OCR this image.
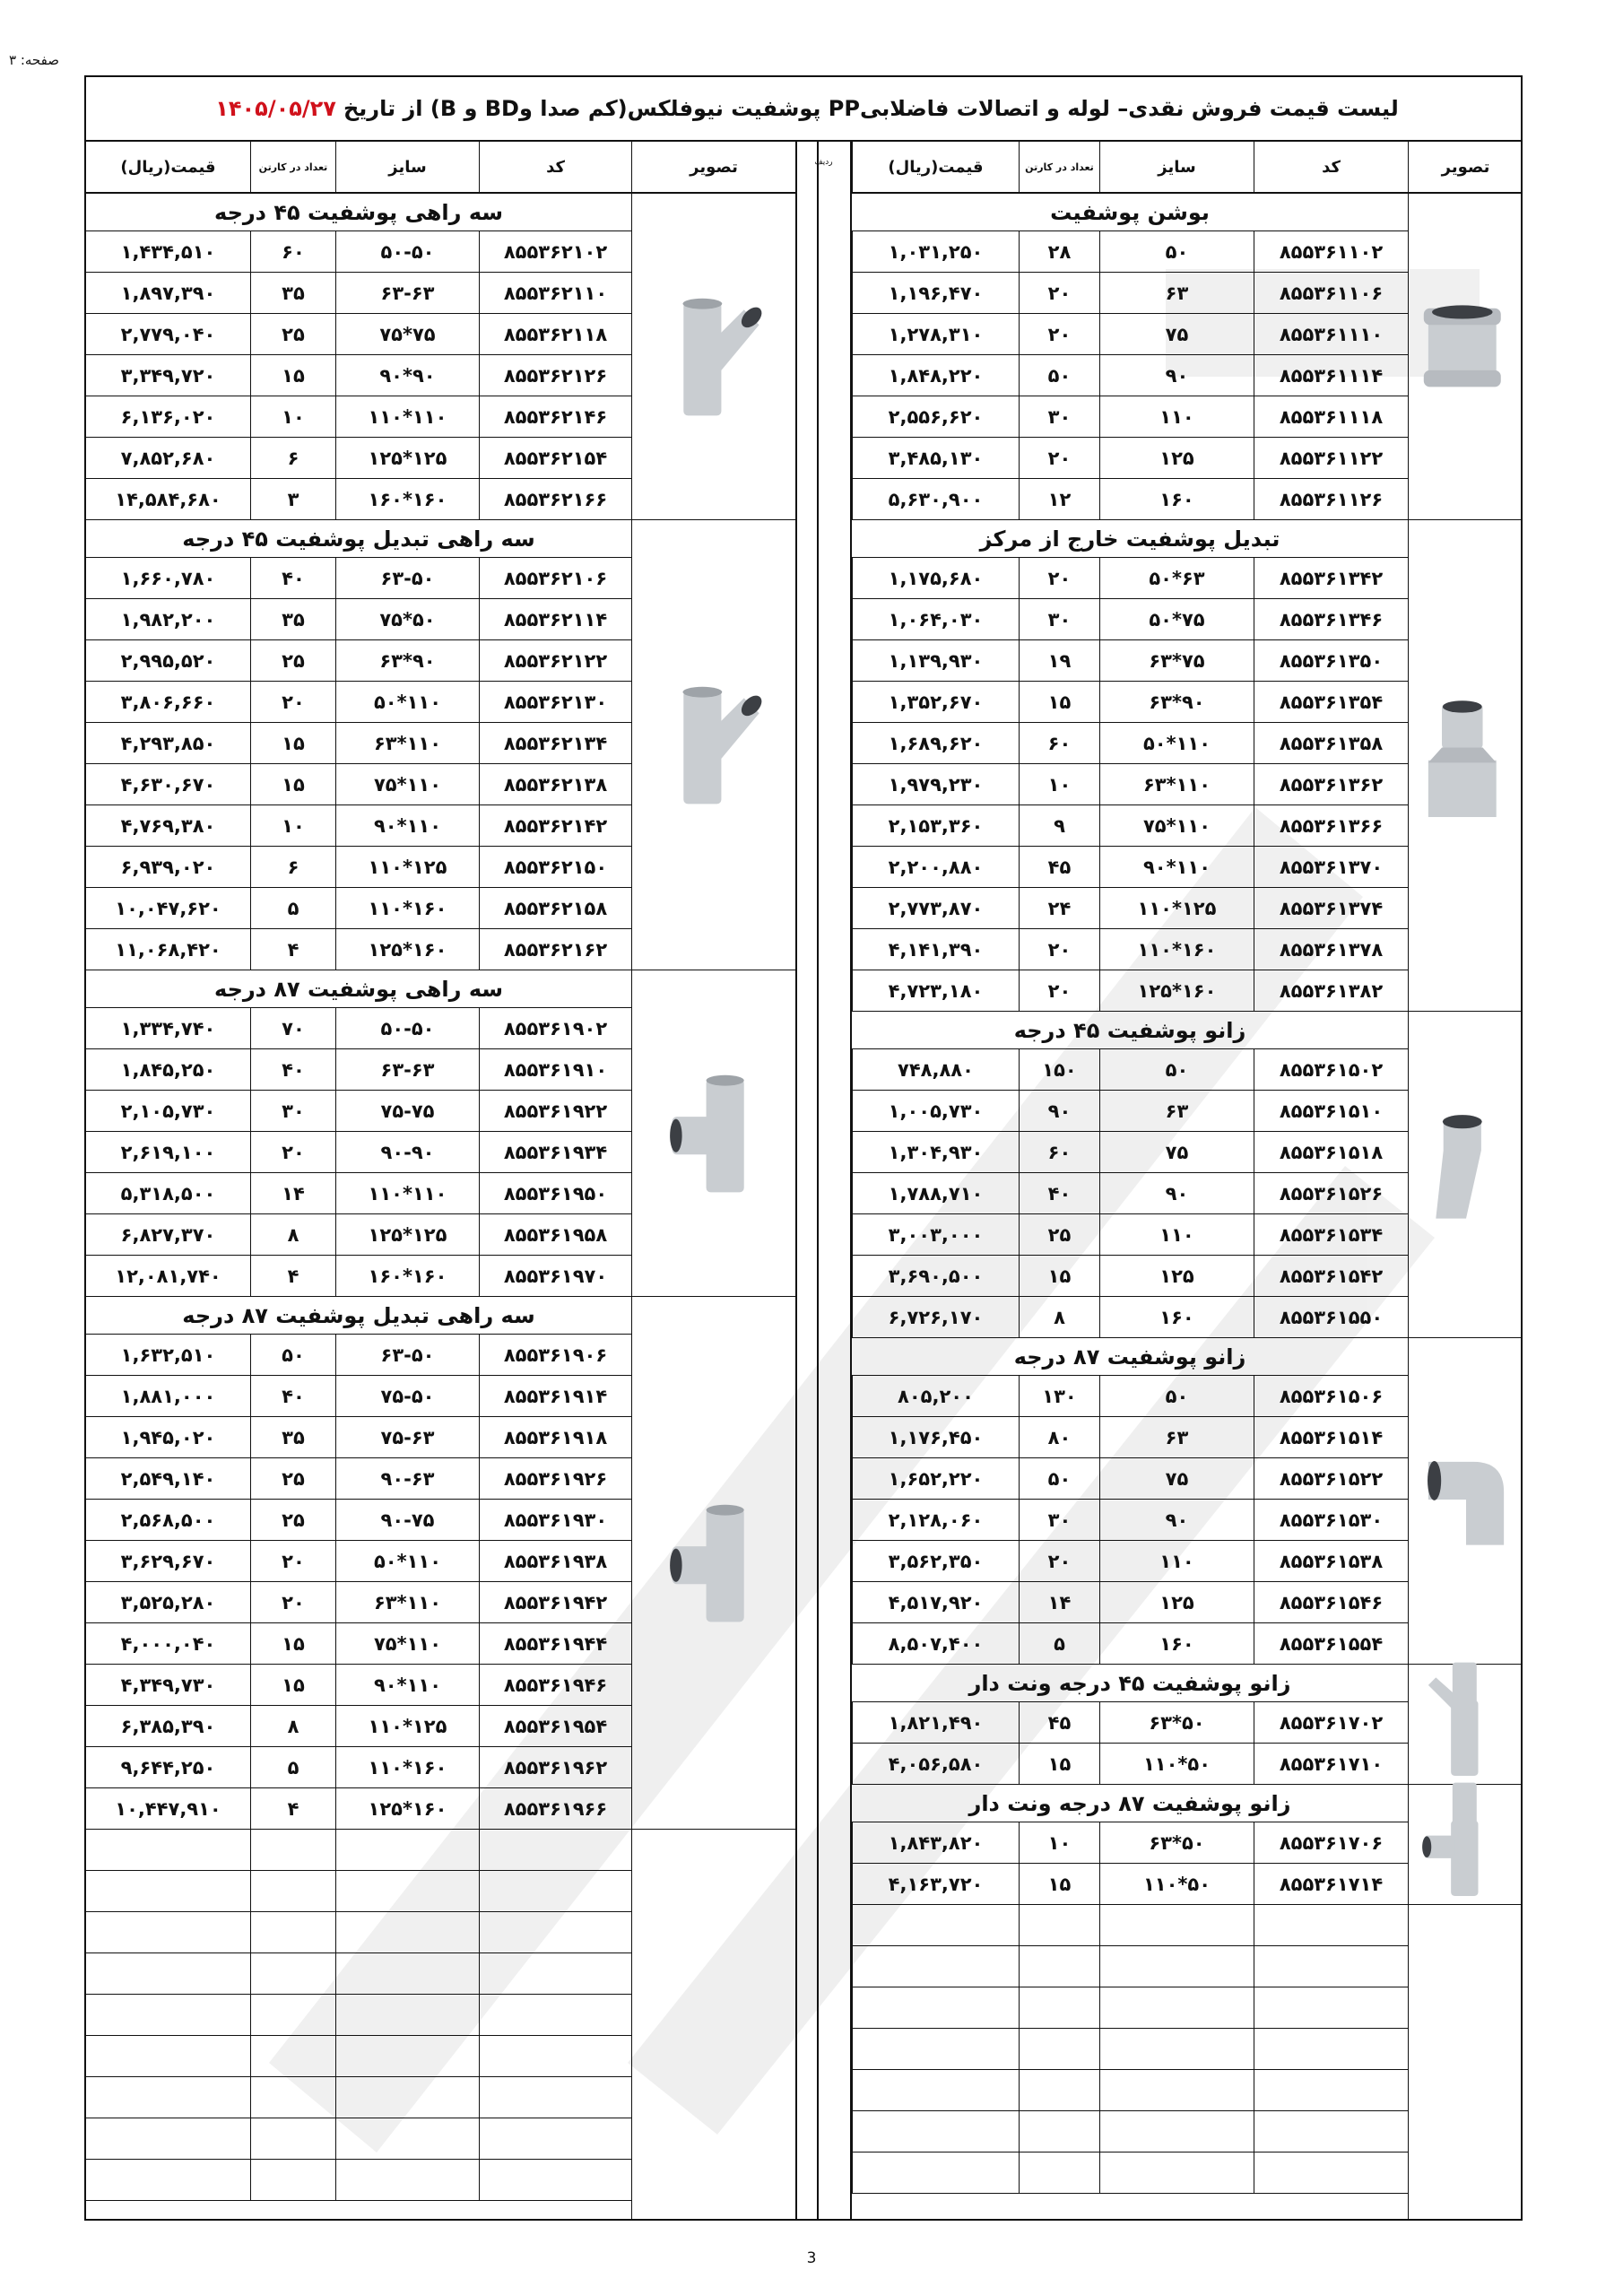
صفحه: ۳
لیست قیمت فروش نقدی– لوله و اتصالات فاضلابیPP پوشفیت نیوفلکس(کم صدا وBD و B) از تاریخ
۱۴۰۵/۰۵/۲۷
ردیف	تصویر
کد
سایز
تعداد در کارتن
قیمت(ریال)
بوشن پوشفیت
۸۵۵۳۶۱۱۰۲
۵۰
۲۸
۱,۰۳۱,۲۵۰
۸۵۵۳۶۱۱۰۶
۶۳
۲۰
۱,۱۹۶,۴۷۰
۸۵۵۳۶۱۱۱۰
۷۵
۲۰
۱,۲۷۸,۳۱۰
۸۵۵۳۶۱۱۱۴
۹۰
۵۰
۱,۸۴۸,۲۲۰
۸۵۵۳۶۱۱۱۸
۱۱۰
۳۰
۲,۵۵۶,۶۲۰
۸۵۵۳۶۱۱۲۲
۱۲۵
۲۰
۳,۴۸۵,۱۳۰
۸۵۵۳۶۱۱۲۶
۱۶۰
۱۲
۵,۶۳۰,۹۰۰
تبدیل پوشفیت خارج از مرکز
۸۵۵۳۶۱۳۴۲
۵۰*۶۳
۲۰
۱,۱۷۵,۶۸۰
۸۵۵۳۶۱۳۴۶
۵۰*۷۵
۳۰
۱,۰۶۴,۰۳۰
۸۵۵۳۶۱۳۵۰
۶۳*۷۵
۱۹
۱,۱۳۹,۹۳۰
۸۵۵۳۶۱۳۵۴
۶۳*۹۰
۱۵
۱,۳۵۲,۶۷۰
۸۵۵۳۶۱۳۵۸
۵۰*۱۱۰
۶۰
۱,۶۸۹,۶۲۰
۸۵۵۳۶۱۳۶۲
۶۳*۱۱۰
۱۰
۱,۹۷۹,۲۳۰
۸۵۵۳۶۱۳۶۶
۷۵*۱۱۰
۹
۲,۱۵۳,۳۶۰
۸۵۵۳۶۱۳۷۰
۹۰*۱۱۰
۴۵
۲,۲۰۰,۸۸۰
۸۵۵۳۶۱۳۷۴
۱۱۰*۱۲۵
۲۴
۲,۷۷۳,۸۷۰
۸۵۵۳۶۱۳۷۸
۱۱۰*۱۶۰
۲۰
۴,۱۴۱,۳۹۰
۸۵۵۳۶۱۳۸۲
۱۲۵*۱۶۰
۲۰
۴,۷۲۳,۱۸۰
زانو پوشفیت ۴۵ درجه
۸۵۵۳۶۱۵۰۲
۵۰
۱۵۰
۷۴۸,۸۸۰
۸۵۵۳۶۱۵۱۰
۶۳
۹۰
۱,۰۰۵,۷۳۰
۸۵۵۳۶۱۵۱۸
۷۵
۶۰
۱,۳۰۴,۹۳۰
۸۵۵۳۶۱۵۲۶
۹۰
۴۰
۱,۷۸۸,۷۱۰
۸۵۵۳۶۱۵۳۴
۱۱۰
۲۵
۳,۰۰۳,۰۰۰
۸۵۵۳۶۱۵۴۲
۱۲۵
۱۵
۳,۶۹۰,۵۰۰
۸۵۵۳۶۱۵۵۰
۱۶۰
۸
۶,۷۲۶,۱۷۰
زانو پوشفیت ۸۷ درجه
۸۵۵۳۶۱۵۰۶
۵۰
۱۳۰
۸۰۵,۲۰۰
۸۵۵۳۶۱۵۱۴
۶۳
۸۰
۱,۱۷۶,۴۵۰
۸۵۵۳۶۱۵۲۲
۷۵
۵۰
۱,۶۵۲,۲۲۰
۸۵۵۳۶۱۵۳۰
۹۰
۳۰
۲,۱۲۸,۰۶۰
۸۵۵۳۶۱۵۳۸
۱۱۰
۲۰
۳,۵۶۲,۳۵۰
۸۵۵۳۶۱۵۴۶
۱۲۵
۱۴
۴,۵۱۷,۹۲۰
۸۵۵۳۶۱۵۵۴
۱۶۰
۵
۸,۵۰۷,۴۰۰
زانو پوشفیت ۴۵ درجه ونت دار
۸۵۵۳۶۱۷۰۲
۶۳*۵۰
۴۵
۱,۸۲۱,۴۹۰
۸۵۵۳۶۱۷۱۰
۱۱۰*۵۰
۱۵
۴,۰۵۶,۵۸۰
زانو پوشفیت ۸۷ درجه ونت دار
۸۵۵۳۶۱۷۰۶
۶۳*۵۰
۱۰
۱,۸۴۳,۸۲۰
۸۵۵۳۶۱۷۱۴
۱۱۰*۵۰
۱۵
۴,۱۶۳,۷۲۰
تصویر
کد
سایز
تعداد در کارتن
قیمت(ریال)
سه راهی پوشفیت ۴۵ درجه
۸۵۵۳۶۲۱۰۲
۵۰-۵۰
۶۰
۱,۴۳۴,۵۱۰
۸۵۵۳۶۲۱۱۰
۶۳-۶۳
۳۵
۱,۸۹۷,۳۹۰
۸۵۵۳۶۲۱۱۸
۷۵*۷۵
۲۵
۲,۷۷۹,۰۴۰
۸۵۵۳۶۲۱۲۶
۹۰*۹۰
۱۵
۳,۳۴۹,۷۲۰
۸۵۵۳۶۲۱۴۶
۱۱۰*۱۱۰
۱۰
۶,۱۳۶,۰۲۰
۸۵۵۳۶۲۱۵۴
۱۲۵*۱۲۵
۶
۷,۸۵۲,۶۸۰
۸۵۵۳۶۲۱۶۶
۱۶۰*۱۶۰
۳
۱۴,۵۸۴,۶۸۰
سه راهی تبدیل پوشفیت ۴۵ درجه
۸۵۵۳۶۲۱۰۶
۶۳-۵۰
۴۰
۱,۶۶۰,۷۸۰
۸۵۵۳۶۲۱۱۴
۷۵*۵۰
۳۵
۱,۹۸۲,۲۰۰
۸۵۵۳۶۲۱۲۲
۶۳*۹۰
۲۵
۲,۹۹۵,۵۲۰
۸۵۵۳۶۲۱۳۰
۵۰*۱۱۰
۲۰
۳,۸۰۶,۶۶۰
۸۵۵۳۶۲۱۳۴
۶۳*۱۱۰
۱۵
۴,۲۹۳,۸۵۰
۸۵۵۳۶۲۱۳۸
۷۵*۱۱۰
۱۵
۴,۶۳۰,۶۷۰
۸۵۵۳۶۲۱۴۲
۹۰*۱۱۰
۱۰
۴,۷۶۹,۳۸۰
۸۵۵۳۶۲۱۵۰
۱۱۰*۱۲۵
۶
۶,۹۳۹,۰۲۰
۸۵۵۳۶۲۱۵۸
۱۱۰*۱۶۰
۵
۱۰,۰۴۷,۶۲۰
۸۵۵۳۶۲۱۶۲
۱۲۵*۱۶۰
۴
۱۱,۰۶۸,۴۲۰
سه راهی پوشفیت ۸۷ درجه
۸۵۵۳۶۱۹۰۲
۵۰-۵۰
۷۰
۱,۳۳۴,۷۴۰
۸۵۵۳۶۱۹۱۰
۶۳-۶۳
۴۰
۱,۸۴۵,۲۵۰
۸۵۵۳۶۱۹۲۲
۷۵-۷۵
۳۰
۲,۱۰۵,۷۳۰
۸۵۵۳۶۱۹۳۴
۹۰-۹۰
۲۰
۲,۶۱۹,۱۰۰
۸۵۵۳۶۱۹۵۰
۱۱۰*۱۱۰
۱۴
۵,۳۱۸,۵۰۰
۸۵۵۳۶۱۹۵۸
۱۲۵*۱۲۵
۸
۶,۸۲۷,۳۷۰
۸۵۵۳۶۱۹۷۰
۱۶۰*۱۶۰
۴
۱۲,۰۸۱,۷۴۰
سه راهی تبدیل پوشفیت ۸۷ درجه
۸۵۵۳۶۱۹۰۶
۶۳-۵۰
۵۰
۱,۶۳۲,۵۱۰
۸۵۵۳۶۱۹۱۴
۷۵-۵۰
۴۰
۱,۸۸۱,۰۰۰
۸۵۵۳۶۱۹۱۸
۷۵-۶۳
۳۵
۱,۹۴۵,۰۲۰
۸۵۵۳۶۱۹۲۶
۹۰-۶۳
۲۵
۲,۵۴۹,۱۴۰
۸۵۵۳۶۱۹۳۰
۹۰-۷۵
۲۵
۲,۵۶۸,۵۰۰
۸۵۵۳۶۱۹۳۸
۵۰*۱۱۰
۲۰
۳,۶۲۹,۶۷۰
۸۵۵۳۶۱۹۴۲
۶۳*۱۱۰
۲۰
۳,۵۲۵,۲۸۰
۸۵۵۳۶۱۹۴۴
۷۵*۱۱۰
۱۵
۴,۰۰۰,۰۴۰
۸۵۵۳۶۱۹۴۶
۹۰*۱۱۰
۱۵
۴,۳۴۹,۷۳۰
۸۵۵۳۶۱۹۵۴
۱۱۰*۱۲۵
۸
۶,۳۸۵,۳۹۰
۸۵۵۳۶۱۹۶۲
۱۱۰*۱۶۰
۵
۹,۶۴۴,۲۵۰
۸۵۵۳۶۱۹۶۶
۱۲۵*۱۶۰
۴
۱۰,۴۴۷,۹۱۰
3
